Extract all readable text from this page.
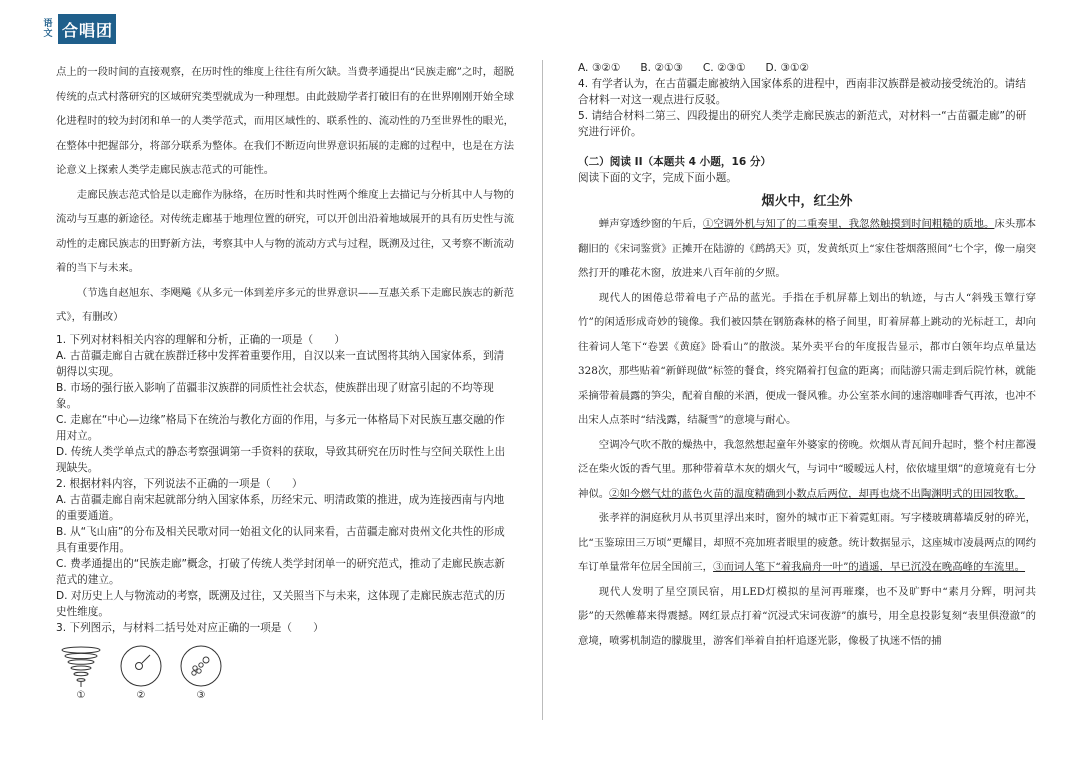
语
文 合唱团

点上的一段时间的直接观察，在历时性的维度上往往有所欠缺。当费孝通提出“民族走廊”之时，超脱传统的点式村落研究的区域研究类型就成为一种理想。由此鼓励学者打破旧有的在世界刚刚开始全球化进程时的较为封闭和单一的人类学范式，而用区域性的、联系性的、流动性的乃至世界性的眼光，在整体中把握部分，将部分联系为整体。在我们不断迈向世界意识拓展的走廊的过程中，也是在方法论意义上探索人类学走廊民族志范式的可能性。

走廊民族志范式恰是以走廊作为脉络，在历时性和共时性两个维度上去描记与分析其中人与物的流动与互惠的新途径。对传统走廊基于地理位置的研究，可以开创出沿着地域展开的具有历史性与流动性的走廊民族志的田野新方法，考察其中人与物的流动方式与过程，既溯及过往，又考察不断流动着的当下与未来。

（节选自赵旭东、李飓飚《从多元一体到差序多元的世界意识——互惠关系下走廊民族志的新范式》，有删改）

1. 下列对材料相关内容的理解和分析，正确的一项是（　　）

A. 古苗疆走廊自古就在族群迁移中发挥着重要作用，自汉以来一直试图将其纳入国家体系，到清朝得以实现。

B. 市场的强行嵌入影响了苗疆非汉族群的同质性社会状态，使族群出现了财富引起的不均等现象。

C. 走廊在“中心—边缘”格局下在统治与教化方面的作用，与多元一体格局下对民族互惠交融的作用对立。

D. 传统人类学单点式的静态考察强调第一手资料的获取，导致其研究在历时性与空间关联性上出现缺失。

2. 根据材料内容，下列说法不正确的一项是（　　）

A. 古苗疆走廊自南宋起就部分纳入国家体系，历经宋元、明清政策的推进，成为连接西南与内地的重要通道。

B. 从“飞山庙”的分布及相关民歌对同一始祖文化的认同来看，古苗疆走廊对贵州文化共性的形成具有重要作用。

C. 费孝通提出的“民族走廊”概念，打破了传统人类学封闭单一的研究范式，推动了走廊民族志新范式的建立。

D. 对历史上人与物流动的考察，既溯及过往，又关照当下与未来，这体现了走廊民族志范式的历史性维度。

3. 下列图示，与材料二括号处对应正确的一项是（　　）

①	②	③
A. ③②① B. ②①③ C. ②③① D. ③①②

4. 有学者认为，在古苗疆走廊被纳入国家体系的进程中，西南非汉族群是被动接受统治的。请结合材料一对这一观点进行反驳。

5. 请结合材料二第三、四段提出的研究人类学走廊民族志的新范式，对材料一“古苗疆走廊”的研究进行评价。

（二）阅读 II（本题共 4 小题，16 分）

阅读下面的文字，完成下面小题。

烟火中，红尘外

蝉声穿透纱窗的午后，①空调外机与知了的二重奏里，我忽然触摸到时间粗糙的质地。床头那本翻旧的《宋词鉴赏》正摊开在陆游的《鹧鸪天》页，发黄纸页上“家住苍烟落照间”七个字，像一扇突然打开的雕花木窗，放进来八百年前的夕照。

现代人的困倦总带着电子产品的蓝光。手指在手机屏幕上划出的轨迹，与古人“斜残玉簟行穿竹”的闲适形成奇妙的镜像。我们被囚禁在钢筋森林的格子间里，盯着屏幕上跳动的光标赶工，却向往着词人笔下“卷罢《黄庭》卧看山”的散淡。某外卖平台的年度报告显示，都市白领年均点单量达328次，那些贴着“新鲜现做”标签的餐食，终究隔着打包盒的距离；而陆游只需走到后院竹林，就能采摘带着晨露的笋尖，配着自酿的米酒，便成一餐风雅。办公室茶水间的速溶咖啡香气再浓，也冲不出宋人点茶时“结浅露，结凝雪”的意境与耐心。

空调冷气吹不散的燥热中，我忽然想起童年外婆家的傍晚。炊烟从青瓦间升起时，整个村庄都漫泛在柴火饭的香气里。那种带着草木灰的烟火气，与词中“暧暧远人村，依依墟里烟”的意境竟有七分神似。②如今燃气灶的蓝色火苗的温度精确到小数点后两位，却再也烧不出陶渊明式的田园牧歌。

张孝祥的洞庭秋月从书页里浮出来时，窗外的城市正下着霓虹雨。写字楼玻璃幕墙反射的碎光，比“玉鉴琼田三万顷”更耀目，却照不亮加班者眼里的疲惫。统计数据显示，这座城市凌晨两点的网约车订单量常年位居全国前三，③而词人笔下“着我扁舟一叶”的逍遥，早已沉没在晚高峰的车流里。

现代人发明了星空顶民宿，用LED灯模拟的星河再璀璨，也不及旷野中“素月分辉，明河共影”的天然帷幕来得震撼。网红景点打着“沉浸式宋词夜游”的旗号，用全息投影复刻“表里俱澄澈”的意境，喷雾机制造的朦胧里，游客们举着自拍杆追逐光影，像极了执迷不悟的捕
